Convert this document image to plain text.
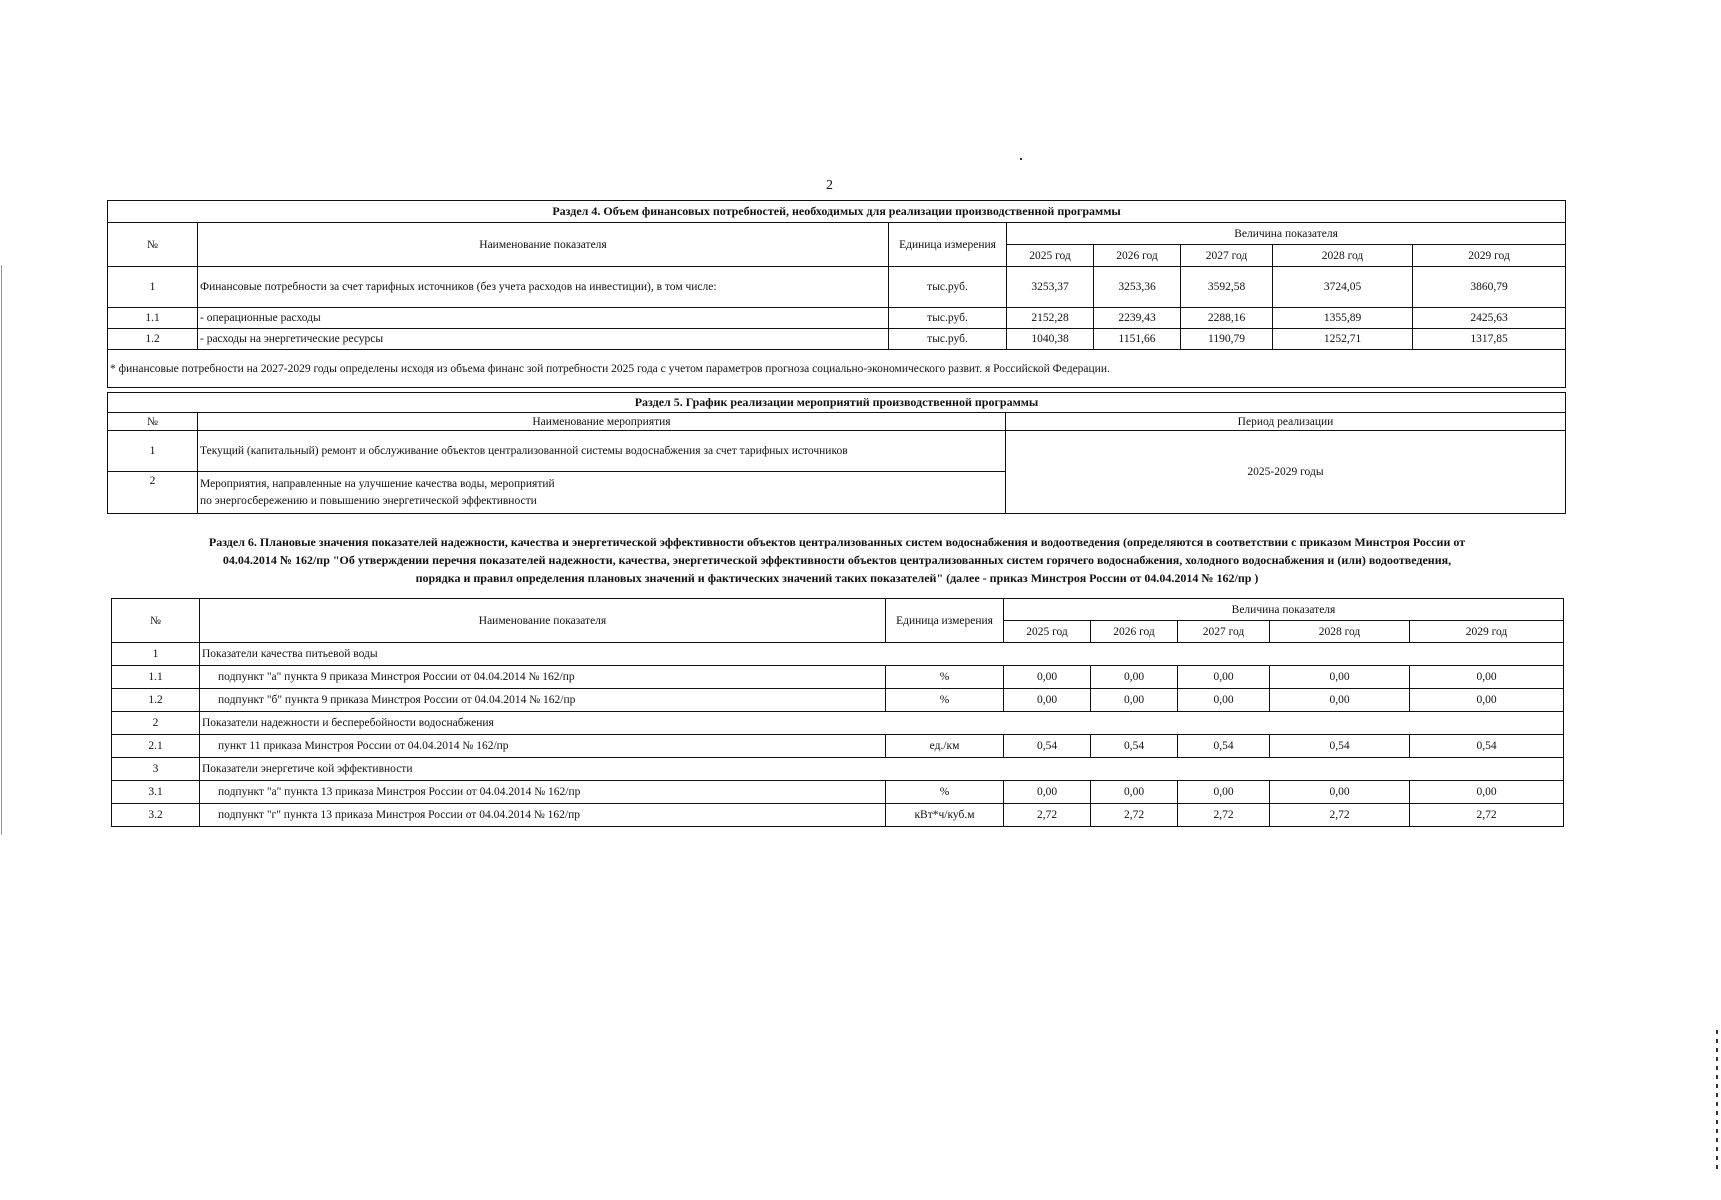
2
Раздел 4. Объем финансовых потребностей, необходимых для реализации производственной программы							
№	Наименование показателя	Единица измерения	Величина показателя				
			2025 год	2026 год	2027 год	2028 год	2029 год
1	Финансовые потребности за счет тарифных источников (без учета расходов на инвестиции), в том числе:	тыс.руб.	3253,37	3253,36	3592,58	3724,05	3860,79
1.1	- операционные расходы	тыс.руб.	2152,28	2239,43	2288,16	1355,89	2425,63
1.2	- расходы на энергетические ресурсы	тыс.руб.	1040,38	1151,66	1190,79	1252,71	1317,85
* финансовые потребности на 2027-2029 годы определены исходя из объема финанс зой потребности 2025 года с учетом параметров прогноза социально-экономического развит. я Российской Федерации.							
Раздел 5. График реализации мероприятий производственной программы		
№	Наименование мероприятия	Период реализации
1	Текущий (капитальный) ремонт и обслуживание объектов централизованной системы водоснабжения за счет тарифных источников	2025-2029 годы
2	Мероприятия, направленные на улучшение качества воды, мероприятий
по энергосбережению и повышению энергетической эффективности	
Раздел 6. Плановые значения показателей надежности, качества и энергетической эффективности объектов централизованных систем водоснабжения и водоотведения (определяются в соответствии с приказом Минстроя России от
04.04.2014 № 162/пр "Об утверждении перечня показателей надежности, качества, энергетической эффективности объектов централизованных систем горячего водоснабжения, холодного водоснабжения и (или) водоотведения,
порядка и правил определения плановых значений и фактических значений таких показателей" (далее - приказ Минстроя России от 04.04.2014 № 162/пр )
№	Наименование показателя	Единица измерения	Величина показателя				
			2025 год	2026 год	2027 год	2028 год	2029 год
1	Показатели качества питьевой воды						
1.1	подпункт "а" пункта 9 приказа Минстроя России от 04.04.2014 № 162/пр	%	0,00	0,00	0,00	0,00	0,00
1.2	подпункт "б" пункта 9 приказа Минстроя России от 04.04.2014 № 162/пр	%	0,00	0,00	0,00	0,00	0,00
2	Показатели надежности и бесперебойности водоснабжения						
2.1	пункт 11 приказа Минстроя России от 04.04.2014 № 162/пр	ед./км	0,54	0,54	0,54	0,54	0,54
3	Показатели энергетиче кой эффективности						
3.1	подпункт "а" пункта 13 приказа Минстроя России от 04.04.2014 № 162/пр	%	0,00	0,00	0,00	0,00	0,00
3.2	подпункт "г" пункта 13 приказа Минстроя России от 04.04.2014 № 162/пр	кВт*ч/куб.м	2,72	2,72	2,72	2,72	2,72
